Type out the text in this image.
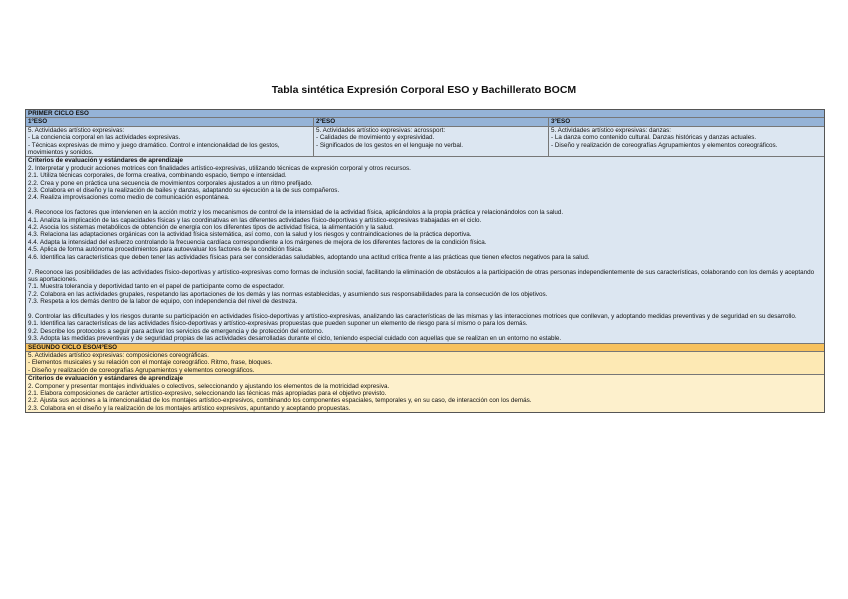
Tabla sintética Expresión Corporal ESO y Bachillerato BOCM
PRIMER CICLO ESO
1ºESO	2ºESO	3ºESO
5. Actividades artístico expresivas:
- La conciencia corporal en las actividades expresivas.
- Técnicas expresivas de mimo y juego dramático. Control e intencionalidad de los gestos, movimientos y sonidos.
5. Actividades artístico expresivas: acrossport:
- Calidades de movimiento y expresividad.
- Significados de los gestos en el lenguaje no verbal.
5. Actividades artístico expresivas: danzas:
- La danza como contenido cultural. Danzas históricas y danzas actuales.
- Diseño y realización de coreografías Agrupamientos y elementos coreográficos.
Criterios de evaluación y estándares de aprendizaje
2. Interpretar y producir acciones motrices con finalidades artístico-expresivas, utilizando técnicas de expresión corporal y otros recursos.
2.1. Utiliza técnicas corporales, de forma creativa, combinando espacio, tiempo e intensidad.
2.2. Crea y pone en práctica una secuencia de movimientos corporales ajustados a un ritmo prefijado.
2.3. Colabora en el diseño y la realización de bailes y danzas, adaptando su ejecución a la de sus compañeros.
2.4. Realiza improvisaciones como medio de comunicación espontánea.
4. Reconoce los factores que intervienen en la acción motriz y los mecanismos de control de la intensidad de la actividad física, aplicándolos a la propia práctica y relacionándolos con la salud.
4.1. Analiza la implicación de las capacidades físicas y las coordinativas en las diferentes actividades físico-deportivas y artístico-expresivas trabajadas en el ciclo.
4.2. Asocia los sistemas metabólicos de obtención de energía con los diferentes tipos de actividad física, la alimentación y la salud.
4.3. Relaciona las adaptaciones orgánicas con la actividad física sistemática, así como, con la salud y los riesgos y contraindicaciones de la práctica deportiva.
4.4. Adapta la intensidad del esfuerzo controlando la frecuencia cardíaca correspondiente a los márgenes de mejora de los diferentes factores de la condición física.
4.5. Aplica de forma autónoma procedimientos para autoevaluar los factores de la condición física.
4.6. Identifica las características que deben tener las actividades físicas para ser consideradas saludables, adoptando una actitud crítica frente a las prácticas que tienen efectos negativos para la salud.
7. Reconoce las posibilidades de las actividades físico-deportivas y artístico-expresivas como formas de inclusión social, facilitando la eliminación de obstáculos a la participación de otras personas independientemente de sus características, colaborando con los demás y aceptando sus aportaciones.
7.1. Muestra tolerancia y deportividad tanto en el papel de participante como de espectador.
7.2. Colabora en las actividades grupales, respetando las aportaciones de los demás y las normas establecidas, y asumiendo sus responsabilidades para la consecución de los objetivos.
7.3. Respeta a los demás dentro de la labor de equipo, con independencia del nivel de destreza.
9. Controlar las dificultades y los riesgos durante su participación en actividades físico-deportivas y artístico-expresivas, analizando las características de las mismas y las interacciones motrices que conllevan, y adoptando medidas preventivas y de seguridad en su desarrollo.
9.1. Identifica las características de las actividades físico-deportivas y artístico-expresivas propuestas que pueden suponer un elemento de riesgo para sí mismo o para los demás.
9.2. Describe los protocolos a seguir para activar los servicios de emergencia y de protección del entorno.
9.3. Adopta las medidas preventivas y de seguridad propias de las actividades desarrolladas durante el ciclo, teniendo especial cuidado con aquellas que se realizan en un entorno no estable.
SEGUNDO CICLO ESO/4ºESO
5. Actividades artístico expresivas: composiciones coreográficas.
- Elementos musicales y su relación con el montaje coreográfico. Ritmo, frase, bloques.
- Diseño y realización de coreografías Agrupamientos y elementos coreográficos.
Criterios de evaluación y estándares de aprendizaje
2. Componer y presentar montajes individuales o colectivos, seleccionando y ajustando los elementos de la motricidad expresiva.
2.1. Elabora composiciones de carácter artístico-expresivo, seleccionando las técnicas más apropiadas para el objetivo previsto.
2.2. Ajusta sus acciones a la intencionalidad de los montajes artístico-expresivos, combinando los componentes espaciales, temporales y, en su caso, de interacción con los demás.
2.3. Colabora en el diseño y la realización de los montajes artístico expresivos, apuntando y aceptando propuestas.
